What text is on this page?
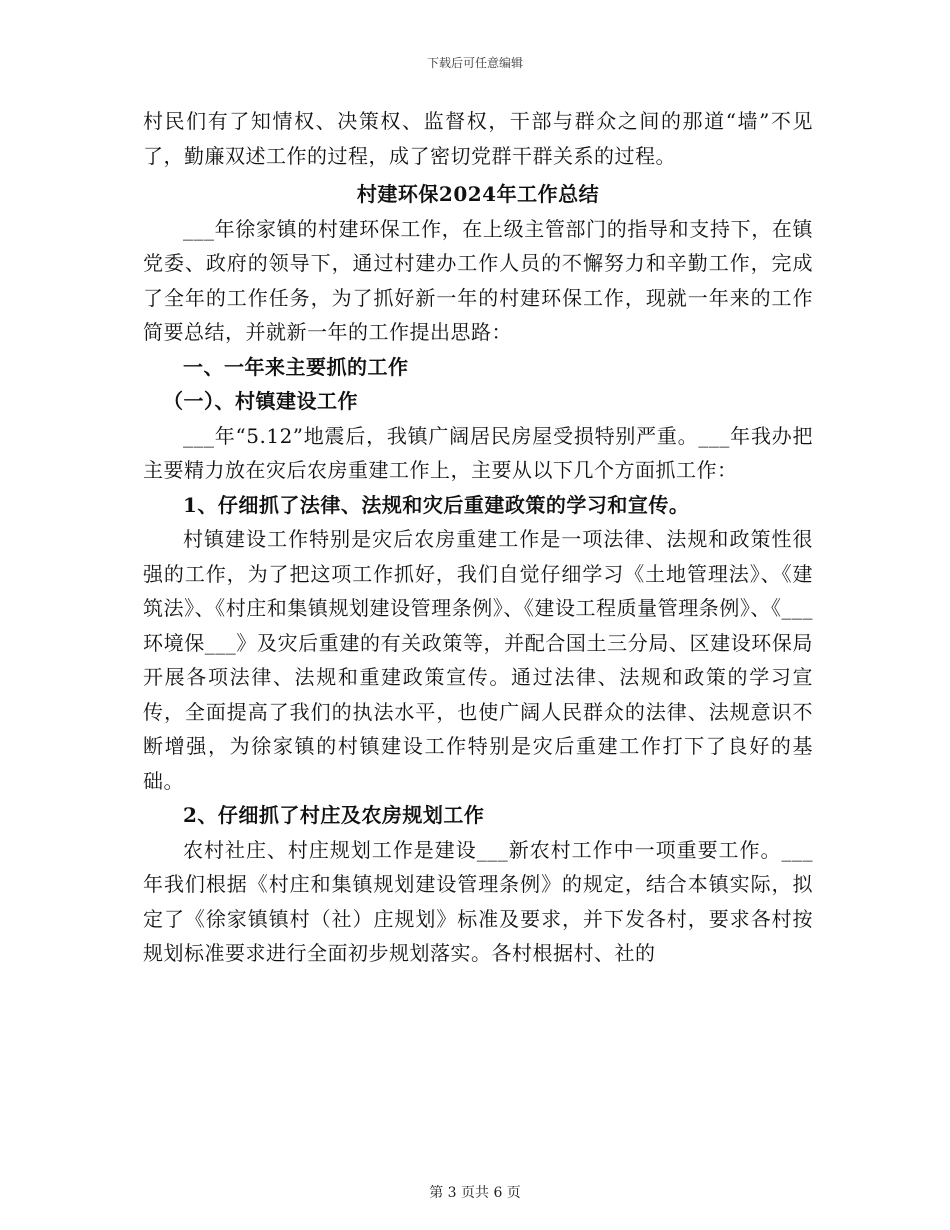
下载后可任意编辑

村民们有了知情权、决策权、监督权，干部与群众之间的那道“墙”不见了，勤廉双述工作的过程，成了密切党群干群关系的过程。

村建环保2024年工作总结

___年徐家镇的村建环保工作，在上级主管部门的指导和支持下，在镇党委、政府的领导下，通过村建办工作人员的不懈努力和辛勤工作，完成了全年的工作任务，为了抓好新一年的村建环保工作，现就一年来的工作简要总结，并就新一年的工作提出思路：

一、一年来主要抓的工作

（一）、村镇建设工作

___年“5.12”地震后，我镇广阔居民房屋受损特别严重。___年我办把主要精力放在灾后农房重建工作上，主要从以下几个方面抓工作：

1、仔细抓了法律、法规和灾后重建政策的学习和宣传。

村镇建设工作特别是灾后农房重建工作是一项法律、法规和政策性很强的工作，为了把这项工作抓好，我们自觉仔细学习《土地管理法》、《建筑法》、《村庄和集镇规划建设管理条例》、《建设工程质量管理条例》、《___环境保___》及灾后重建的有关政策等，并配合国土三分局、区建设环保局开展各项法律、法规和重建政策宣传。通过法律、法规和政策的学习宣传，全面提高了我们的执法水平，也使广阔人民群众的法律、法规意识不断增强，为徐家镇的村镇建设工作特别是灾后重建工作打下了良好的基础。

2、仔细抓了村庄及农房规划工作

农村社庄、村庄规划工作是建设___新农村工作中一项重要工作。___年我们根据《村庄和集镇规划建设管理条例》的规定，结合本镇实际，拟定了《徐家镇镇村（社）庄规划》标准及要求，并下发各村，要求各村按规划标准要求进行全面初步规划落实。各村根据村、社的

第 3 页共 6 页
